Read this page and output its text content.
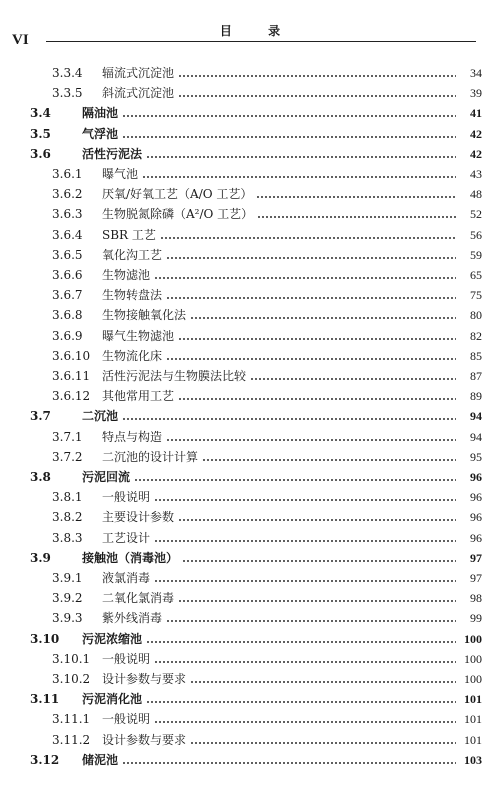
VI
目 录
3.3.4	辐流式沉淀池	34
3.3.5	斜流式沉淀池	39
3.4	隔油池	41
3.5	气浮池	42
3.6	活性污泥法	42
3.6.1	曝气池	43
3.6.2	厌氧/好氧工艺（A/O 工艺）	48
3.6.3	生物脱氮除磷（A²/O 工艺）	52
3.6.4	SBR 工艺	56
3.6.5	氧化沟工艺	59
3.6.6	生物滤池	65
3.6.7	生物转盘法	75
3.6.8	生物接触氧化法	80
3.6.9	曝气生物滤池	82
3.6.10 生物流化床	85
3.6.11 活性污泥法与生物膜法比较	87
3.6.12 其他常用工艺	89
3.7	二沉池	94
3.7.1	特点与构造	94
3.7.2	二沉池的设计计算	95
3.8	污泥回流	96
3.8.1	一般说明	96
3.8.2	主要设计参数	96
3.8.3	工艺设计	96
3.9	接触池（消毒池）	97
3.9.1	液氯消毒	97
3.9.2	二氧化氯消毒	98
3.9.3	紫外线消毒	99
3.10	污泥浓缩池	100
3.10.1 一般说明	100
3.10.2 设计参数与要求	100
3.11	污泥消化池	101
3.11.1 一般说明	101
3.11.2 设计参数与要求	101
3.12	储泥池	103
